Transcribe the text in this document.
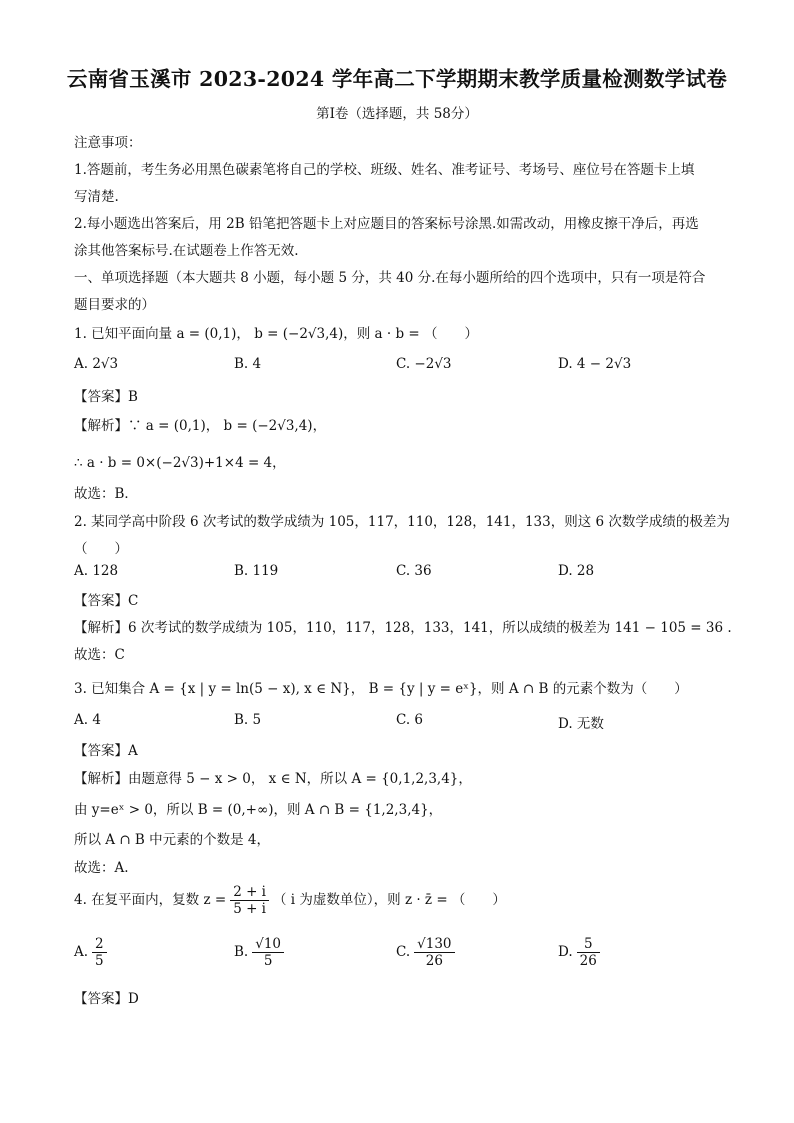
云南省玉溪市 2023-2024 学年高二下学期期末教学质量检测数学试卷
第Ⅰ卷（选择题，共 58分）
注意事项：
1.答题前，考生务必用黑色碳素笔将自己的学校、班级、姓名、准考证号、考场号、座位号在答题卡上填
写清楚.
2.每小题选出答案后，用 2B 铅笔把答题卡上对应题目的答案标号涂黑.如需改动，用橡皮擦干净后，再选
涂其他答案标号.在试题卷上作答无效.
一、单项选择题（本大题共 8 小题，每小题 5 分，共 40 分.在每小题所给的四个选项中，只有一项是符合
题目要求的）
1. 已知平面向量 a = (0,1)， b = (−2√3,4)，则 a · b = （　　）
A. 2√3	B. 4	C. −2√3	D. 4 − 2√3
【答案】B
【解析】∵ a = (0,1)， b = (−2√3,4)，
∴ a · b = 0×(−2√3)+1×4 = 4，
故选：B．
2. 某同学高中阶段 6 次考试的数学成绩为 105，117，110，128，141，133，则这 6 次数学成绩的极差为
（　　）
A. 128	B. 119	C. 36	D. 28
【答案】C
【解析】6 次考试的数学成绩为 105，110，117，128，133，141，所以成绩的极差为 141 − 105 = 36 .
故选：C
3. 已知集合 A = {x | y = ln(5 − x), x ∈ N}， B = {y | y = eˣ}，则 A ∩ B 的元素个数为（　　）
A. 4	B. 5	C. 6	D. 无数
【答案】A
【解析】由题意得 5 − x > 0， x ∈ N，所以 A = {0,1,2,3,4}，
由 y=eˣ > 0，所以 B = (0,+∞)，则 A ∩ B = {1,2,3,4}，
所以 A ∩ B 中元素的个数是 4，
故选：A.
4. 在复平面内，复数 $z = \frac{2 + i}{5 + i}$ （ i 为虚数单位），则 z · z̄ = （　　）
A. $\frac{2}{5}$	B. $\frac{√10}{5}$	C. $\frac{√130}{26}$	D. $\frac{5}{26}$
【答案】D
